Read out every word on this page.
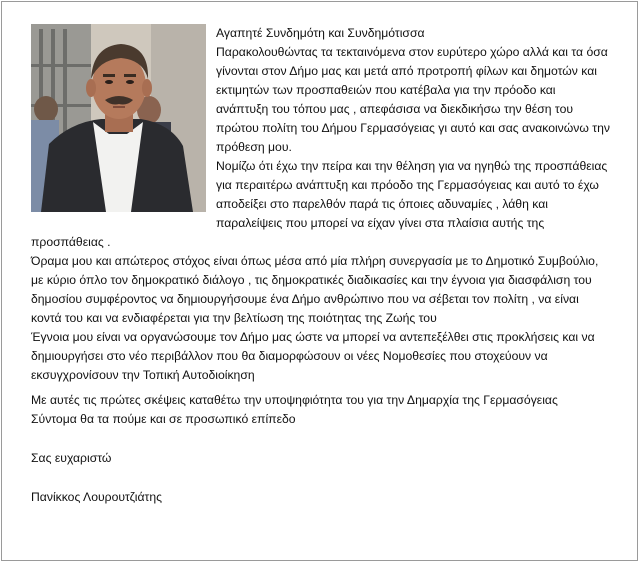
Αγαπητέ Συνδημότη και Συνδημότισσα

Παρακολουθώντας τα τεκταινόμενα στον ευρύτερο χώρο αλλά και τα όσα γίνονται στον Δήμο μας και μετά από προτροπή φίλων και δημοτών και εκτιμητών των προσπαθειών που κατέβαλα για την πρόοδο και ανάπτυξη του τόπου μας , απεφάσισα να διεκδικήσω την θέση του πρώτου πολίτη του Δήμου Γερμασόγειας γι αυτό και σας ανακοινώνω την πρόθεση μου.

Νομίζω ότι έχω την πείρα και την θέληση για να ηγηθώ της προσπάθειας για περαιτέρω ανάπτυξη και πρόοδο της Γερμασόγειας και αυτό το έχω αποδείξει στο παρελθόν παρά τις όποιες αδυναμίες , λάθη και παραλείψεις που μπορεί να είχαν γίνει στα πλαίσια αυτής της προσπάθειας .

Όραμα μου και απώτερος στόχος είναι όπως μέσα από μία πλήρη συνεργασία με το Δημοτικό Συμβούλιο, με κύριο όπλο τον δημοκρατικό διάλογο , τις δημοκρατικές διαδικασίες και την έγνοια για διασφάλιση του δημοσίου συμφέροντος να δημιουργήσουμε ένα Δήμο ανθρώπινο που να σέβεται τον πολίτη , να είναι κοντά του και να ενδιαφέρεται για την βελτίωση της ποιότητας της Ζωής του

Έγνοια μου είναι να οργανώσουμε τον Δήμο μας ώστε να μπορεί να αντεπεξέλθει στις προκλήσεις και να δημιουργήσει στο νέο περιβάλλον που θα διαμορφώσουν οι νέες Νομοθεσίες που στοχεύουν να εκσυγχρονίσουν την Τοπική Αυτοδιοίκηση

Με αυτές τις πρώτες σκέψεις καταθέτω την υποψηφιότητα του για την Δημαρχία της Γερμασόγειας

Σύντομα θα τα πούμε και σε προσωπικό επίπεδο

Σας ευχαριστώ

Πανίκκος Λουρουτζιάτης
